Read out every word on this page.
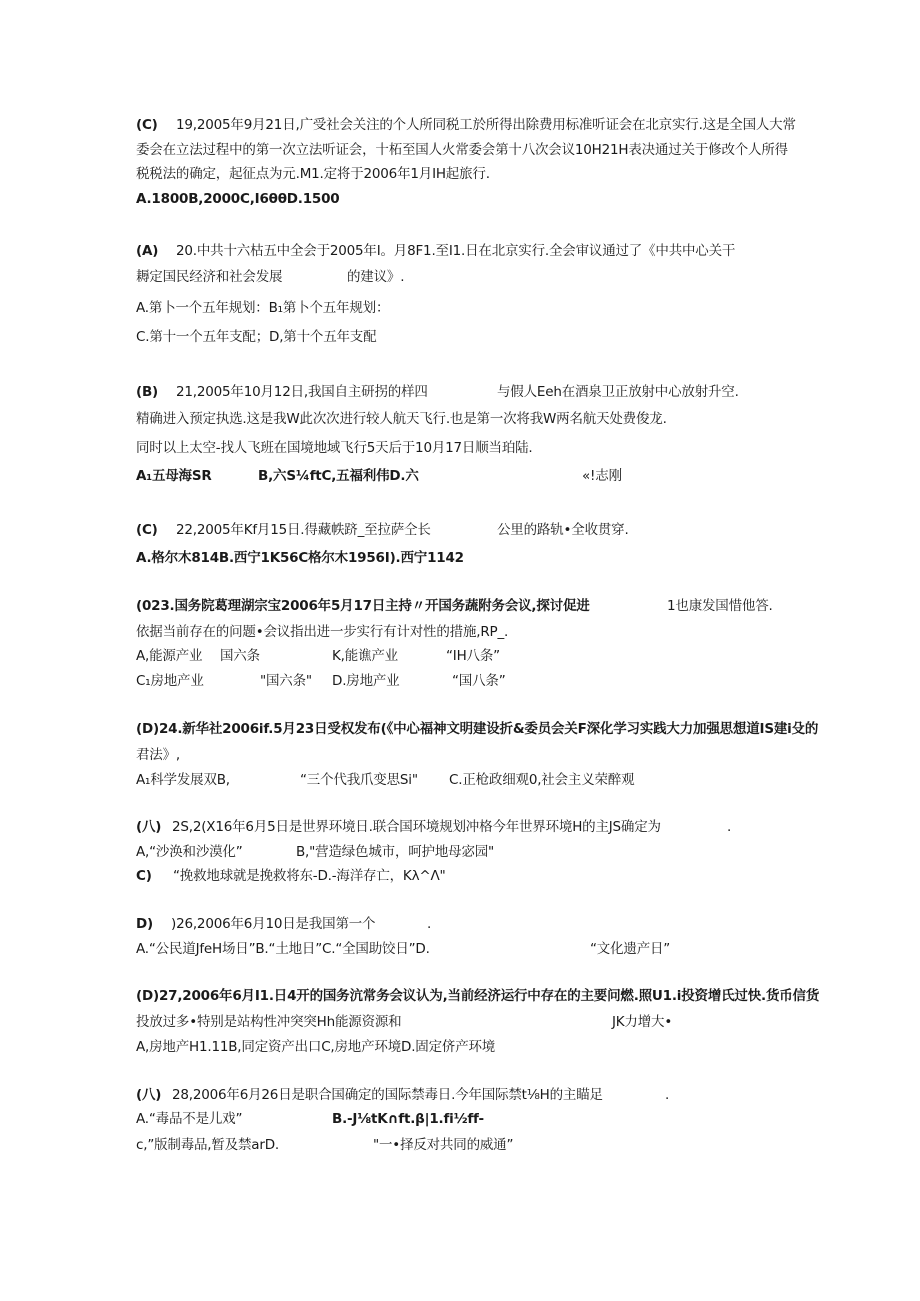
(C) 19,2005年9月21日,广受社会关注的个人所同税工於所得出除费用标准听证会在北京实行.这是全国人大常
委会在立法过程中的第一次立法听证会，十柘至国人火常委会第十八次会议10H21H表决通过关于修改个人所得
税税法的确定，起征点为元.M1.定将于2006年1月IH起旅行.
A.1800B,2000C,I6θθD.1500
(A) 20.中共十六枯五中全会于2005年I。月8F1.至I1.日在北京实行.全会审议通过了《中共中心关干
耨定国民经济和社会发展	的建议》.
A.第卜一个五年规划：B₁第卜个五年规划：
C.第十一个五年支配；D,第十个五年支配
(B) 21,2005年10月12日,我国自主研拐的样四	与假人Eeh在酒泉卫正放射中心放射升空.
精确进入预定执选.这是我W此次次进行较人航天飞行.也是第一次将我W两名航天处费俊龙.
同时以上太空-找人飞班在国境地域飞行5天后于10月17日顺当珀陆.
A₁五母海SR	B,六S¼ftC,五福利伟D.六	«!志刚
(C) 22,2005年Kf月15日.得藏帙跻_至拉萨仝长	公里的路轨•全收贯穿.
A.格尔木814B.西宁1K56C格尔木1956I).西宁1142
(023.国务院葛理湖宗宝2006年5月17日主持〃开国务蔬附务会议,探讨促进	1也康发国惜他答.
依据当前存在的问题•会议指出进一步实行有计对性的措施,RP_.
A,能源产业 国六条	K,能谯产业	“IH八条”
C₁房地产业	"国六条" D.房地产业	“国八条”
(D)24.新华社2006if.5月23日受权发布(《中心福神文明建设折&委员会关F深化学习实践大力加强思想道IS建i殳的
君法》,
A₁科学发展双B,	“三个代我爪变思Si" C.正枪政细观0,社会主义荣醉观
(八) 2S,2(X16年6月5日是世界环境日.联合国环境规划冲格今年世界环境H的主JS确定为	.
A,“沙涣和沙漠化”	B,"营造绿色城市，呵护地母宓园"
C) “挽救地球就是挽救将东-D.-海洋存亡，Kλ^Λ"
D) )26,2006年6月10日是我国第一个	.
A.“公民道JfeH场日”B.“土地日”C.“全国助饺日”D.	“文化遗产日”
(D)27,2006年6月I1.日4开的国务沆常务会议认为,当前经济运行中存在的主要问燃.照U1.i投资增氏过快.货币信货
投放过多•特别是站构性冲突突Hh能源资源和	JK力增大•
A,房地产H1.11B,同定资产出口C,房地产环境D.固定侪产环境
(八) 28,2006年6月26日是职合国确定的国际禁毒日.今年国际禁t⅛H的主瞄足	.
A.“毒品不是儿戏”	B.-J⅛tK∩ft.β|1.fi½ff-
c,”版制毒品,暂及禁arD.	"一•择反对共同的威通”
